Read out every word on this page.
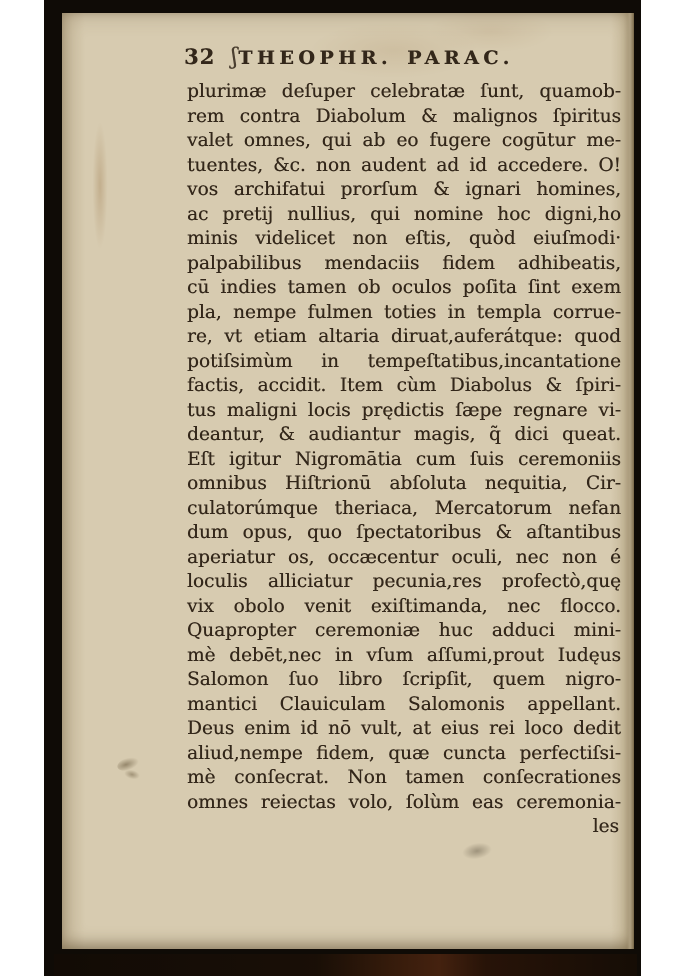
32 ʃ THEOPHR. PARAC.
plurimæ deſuper celebratæ ſunt, quamob-
rem contra Diabolum & malignos ſpiritus
valet omnes, qui ab eo fugere cogūtur me-
tuentes, &c. non audent ad id accedere. O!
vos archifatui prorſum & ignari homines,
ac pretij nullius, qui nomine hoc digni,ho
minis videlicet non eſtis, quòd eiuſmodi·
palpabilibus mendaciis fidem adhibeatis,
cū indies tamen ob oculos poſita ſint exem
pla, nempe fulmen toties in templa corrue-
re, vt etiam altaria diruat,auferátque: quod
potiſsimùm in tempeſtatibus,incantatione
factis, accidit. Item cùm Diabolus & ſpiri-
tus maligni locis prędictis ſæpe regnare vi-
deantur, & audiantur magis, q̃ dici queat.
Eſt igitur Nigromātia cum ſuis ceremoniis
omnibus Hiſtrionū abſoluta nequitia, Cir-
culatorúmque theriaca, Mercatorum nefan
dum opus, quo ſpectatoribus & aſtantibus
aperiatur os, occæcentur oculi, nec non é
loculis alliciatur pecunia,res profectò,quę
vix obolo venit exiſtimanda, nec flocco.
Quapropter ceremoniæ huc adduci mini-
mè debēt,nec in vſum aſſumi,prout Iudęus
Salomon ſuo libro ſcripſit, quem nigro-
mantici Clauiculam Salomonis appellant.
Deus enim id nō vult, at eius rei loco dedit
aliud,nempe fidem, quæ cuncta perfectiſsi-
mè conſecrat. Non tamen conſecrationes
omnes reiectas volo, ſolùm eas ceremonia-
les
